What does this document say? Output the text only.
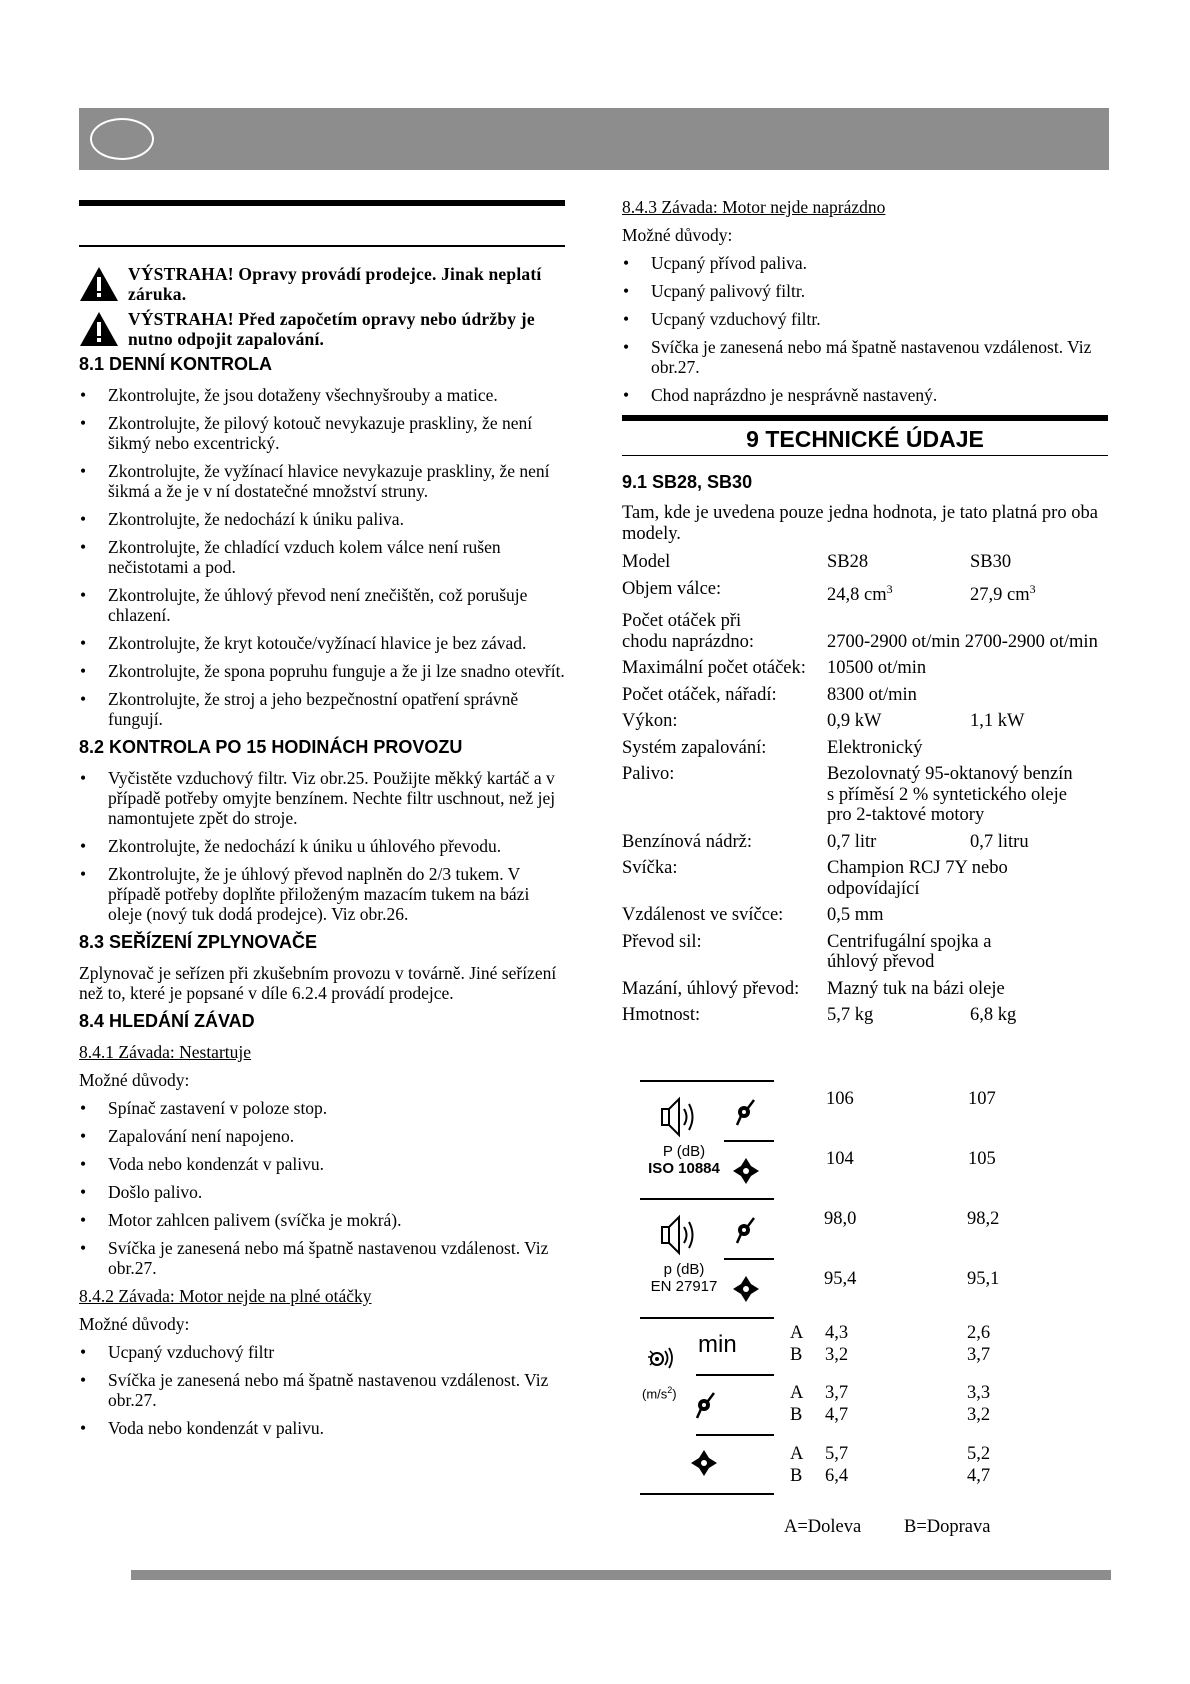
VÝSTRAHA! Opravy provádí prodejce. Jinak neplatí záruka.
VÝSTRAHA! Před započetím opravy nebo údržby je nutno odpojit zapalování.
8.1 DENNÍ KONTROLA
• Zkontrolujte, že jsou dotaženy všechnyšrouby a matice.
• Zkontrolujte, že pilový kotouč nevykazuje praskliny, že není šikmý nebo excentrický.
• Zkontrolujte, že vyžínací hlavice nevykazuje praskliny, že není šikmá a že je v ní dostatečné množství struny.
• Zkontrolujte, že nedochází k úniku paliva.
• Zkontrolujte, že chladící vzduch kolem válce není rušen nečistotami a pod.
• Zkontrolujte, že úhlový převod není znečištěn, což porušuje chlazení.
• Zkontrolujte, že kryt kotouče/vyžínací hlavice je bez závad.
• Zkontrolujte, že spona popruhu funguje a že ji lze snadno otevřít.
• Zkontrolujte, že stroj a jeho bezpečnostní opatření správně fungují.
8.2 KONTROLA PO 15 HODINÁCH PROVOZU
• Vyčistěte vzduchový filtr. Viz obr.25. Použijte měkký kartáč a v případě potřeby omyjte benzínem. Nechte filtr uschnout, než jej namontujete zpět do stroje.
• Zkontrolujte, že nedochází k úniku u úhlového převodu.
• Zkontrolujte, že je úhlový převod naplněn do 2/3 tukem. V případě potřeby doplňte přiloženým mazacím tukem na bázi oleje (nový tuk dodá prodejce). Viz obr.26.
8.3 SEŘÍZENÍ ZPLYNOVAČE
Zplynovač je seřízen při zkušebním provozu v továrně. Jiné seřízení než to, které je popsané v díle 6.2.4 provádí prodejce.
8.4 HLEDÁNÍ ZÁVAD
8.4.1 Závada: Nestartuje
Možné důvody:
• Spínač zastavení v poloze stop.
• Zapalování není napojeno.
• Voda nebo kondenzát v palivu.
• Došlo palivo.
• Motor zahlcen palivem (svíčka je mokrá).
• Svíčka je zanesená nebo má špatně nastavenou vzdálenost. Viz obr.27.
8.4.2 Závada: Motor nejde na plné otáčky
Možné důvody:
• Ucpaný vzduchový filtr
• Svíčka je zanesená nebo má špatně nastavenou vzdálenost. Viz obr.27.
• Voda nebo kondenzát v palivu.
8.4.3 Závada: Motor nejde naprázdno
Možné důvody:
• Ucpaný přívod paliva.
• Ucpaný palivový filtr.
• Ucpaný vzduchový filtr.
• Svíčka je zanesená nebo má špatně nastavenou vzdálenost. Viz obr.27.
• Chod naprázdno je nesprávně nastavený.
9 TECHNICKÉ ÚDAJE
9.1 SB28, SB30
Tam, kde je uvedena pouze jedna hodnota, je tato platná pro oba modely.
Model	SB28	SB30
Objem válce:	24,8 $cm^3$	27,9 $cm^3$
Počet otáček při
chodu naprázdno:	2700-2900 ot/min 2700-2900 ot/min
Maximální počet otáček:	10500 ot/min
Počet otáček, nářadí:	8300 ot/min
Výkon:	0,9 kW	1,1 kW
Systém zapalování:	Elektronický
Palivo:	Bezolovnatý 95-oktanový benzín
s příměsí 2 % syntetického oleje
pro 2-taktové motory
Benzínová nádrž:	0,7 litr	0,7 litru
Svíčka:	Champion RCJ 7Y nebo
odpovídající
Vzdálenost ve svíčce:	0,5 mm
Převod sil:	Centrifugální spojka a
úhlový převod
Mazání, úhlový převod:	Mazný tuk na bázi oleje
Hmotnost:	5,7 kg	6,8 kg
P (dB)
ISO 10884
p (dB)
EN 27917
min
$(m/s^2)$
106	107
104	105
98,0	98,2
95,4	95,1
A	4,3	2,6
B	3,2	3,7
A	3,7	3,3
B	4,7	3,2
A	5,7	5,2
B	6,4	4,7
A=Doleva B=Doprava
